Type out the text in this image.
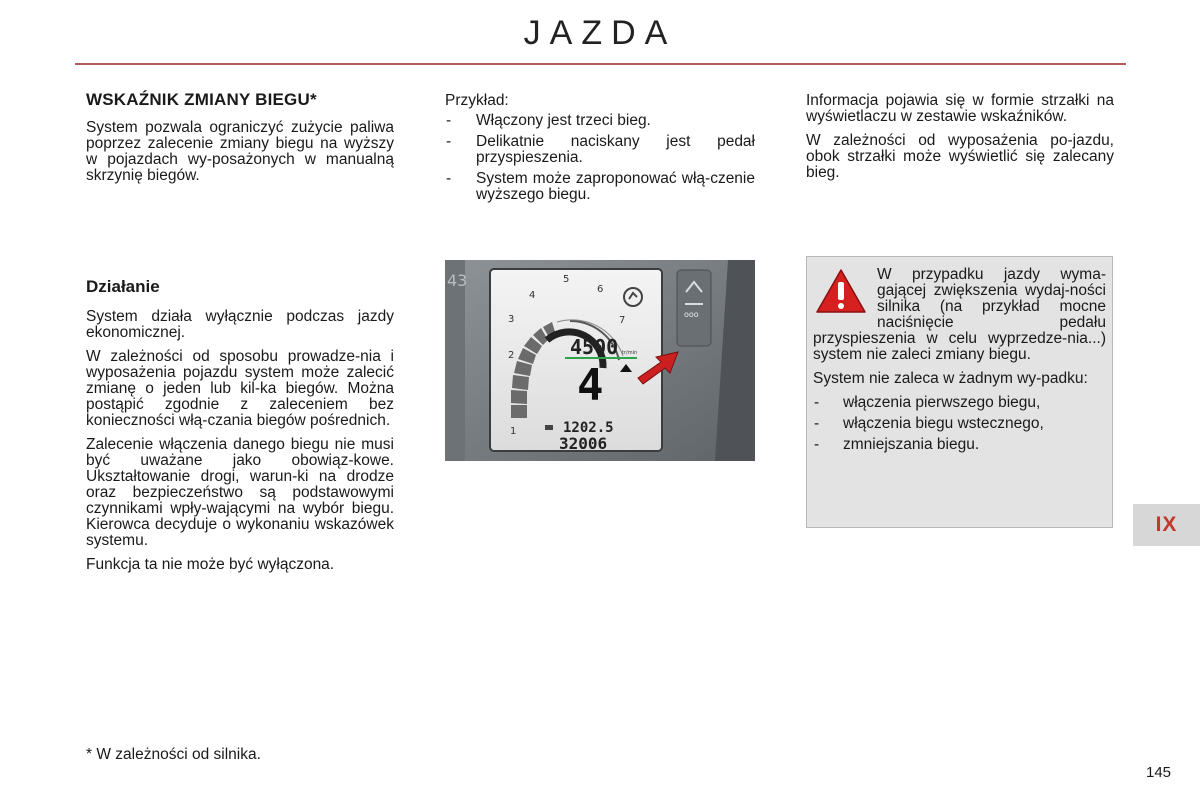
JAZDA
WSKAŹNIK ZMIANY BIEGU*

System pozwala ograniczyć zużycie paliwa poprzez zalecenie zmiany biegu na wyższy w pojazdach wy-posażonych w manualną skrzynię biegów.

Działanie

System działa wyłącznie podczas jazdy ekonomicznej.

W zależności od sposobu prowadze-nia i wyposażenia pojazdu system może zalecić zmianę o jeden lub kil-ka biegów. Można postąpić zgodnie z zaleceniem bez konieczności włą-czania biegów pośrednich.

Zalecenie włączenia danego biegu nie musi być uważane jako obowiąz-kowe. Ukształtowanie drogi, warun-ki na drodze oraz bezpieczeństwo są podstawowymi czynnikami wpły-wającymi na wybór biegu. Kierowca decyduje o wykonaniu wskazówek systemu.

Funkcja ta nie może być wyłączona.

Przykład:
- Włączony jest trzeci bieg.
- Delikatnie naciskany jest pedał przyspieszenia.
- System może zaproponować włą-czenie wyższego biegu.
43
1
2
3
4
5
6
7
4500 tr/min
4
1202.5
32006
ooo

Informacja pojawia się w formie strzałki na wyświetlaczu w zestawie wskaźników.

W zależności od wyposażenia po-jazdu, obok strzałki może wyświetlić się zalecany bieg.

W przypadku jazdy wyma-gającej zwiększenia wydaj-ności silnika (na przykład mocne naciśnięcie pedału przyspieszenia w celu wyprzedze-nia...) system nie zaleci zmiany biegu.

System nie zaleca w żadnym wy-padku:

- włączenia pierwszego biegu,
- włączenia biegu wstecznego,
- zmniejszania biegu.
* W zależności od silnika.
IX
145
